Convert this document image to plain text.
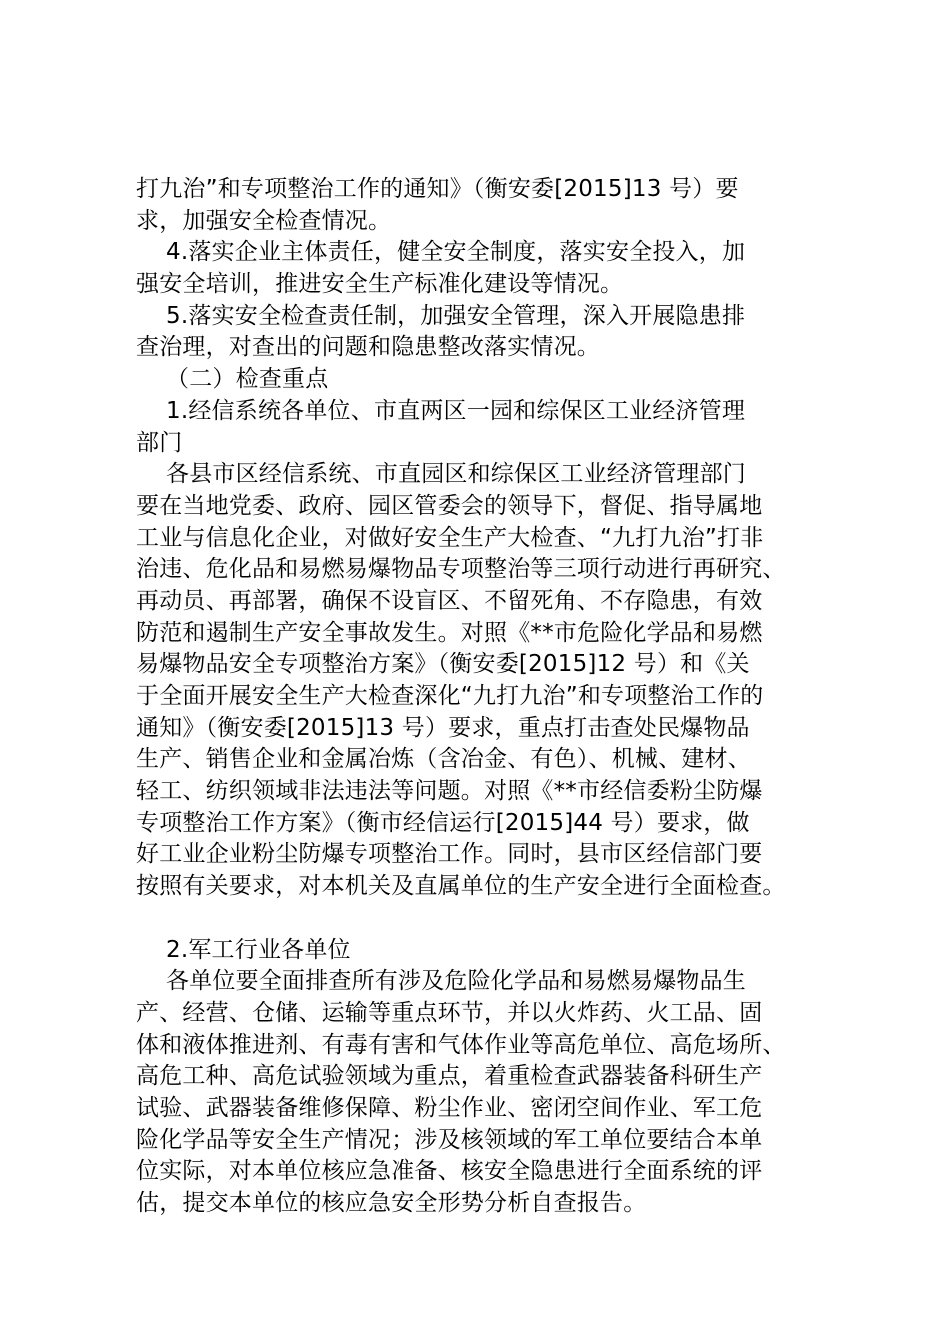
打九治”和专项整治工作的通知》（衡安委[2015]13 号）要
求，加强安全检查情况。
4.落实企业主体责任，健全安全制度，落实安全投入，加
强安全培训，推进安全生产标准化建设等情况。
5.落实安全检查责任制，加强安全管理，深入开展隐患排
查治理，对查出的问题和隐患整改落实情况。
（二）检查重点
1.经信系统各单位、市直两区一园和综保区工业经济管理
部门
各县市区经信系统、市直园区和综保区工业经济管理部门
要在当地党委、政府、园区管委会的领导下，督促、指导属地
工业与信息化企业，对做好安全生产大检查、“九打九治”打非
治违、危化品和易燃易爆物品专项整治等三项行动进行再研究、
再动员、再部署，确保不设盲区、不留死角、不存隐患，有效
防范和遏制生产安全事故发生。对照《**市危险化学品和易燃
易爆物品安全专项整治方案》（衡安委[2015]12 号）和《关
于全面开展安全生产大检查深化“九打九治”和专项整治工作的
通知》（衡安委[2015]13 号）要求，重点打击查处民爆物品
生产、销售企业和金属冶炼（含冶金、有色）、机械、建材、
轻工、纺织领域非法违法等问题。对照《**市经信委粉尘防爆
专项整治工作方案》（衡市经信运行[2015]44 号）要求，做
好工业企业粉尘防爆专项整治工作。同时，县市区经信部门要
按照有关要求，对本机关及直属单位的生产安全进行全面检查。
2.军工行业各单位
各单位要全面排查所有涉及危险化学品和易燃易爆物品生
产、经营、仓储、运输等重点环节，并以火炸药、火工品、固
体和液体推进剂、有毒有害和气体作业等高危单位、高危场所、
高危工种、高危试验领域为重点，着重检查武器装备科研生产
试验、武器装备维修保障、粉尘作业、密闭空间作业、军工危
险化学品等安全生产情况；涉及核领域的军工单位要结合本单
位实际，对本单位核应急准备、核安全隐患进行全面系统的评
估，提交本单位的核应急安全形势分析自查报告。
